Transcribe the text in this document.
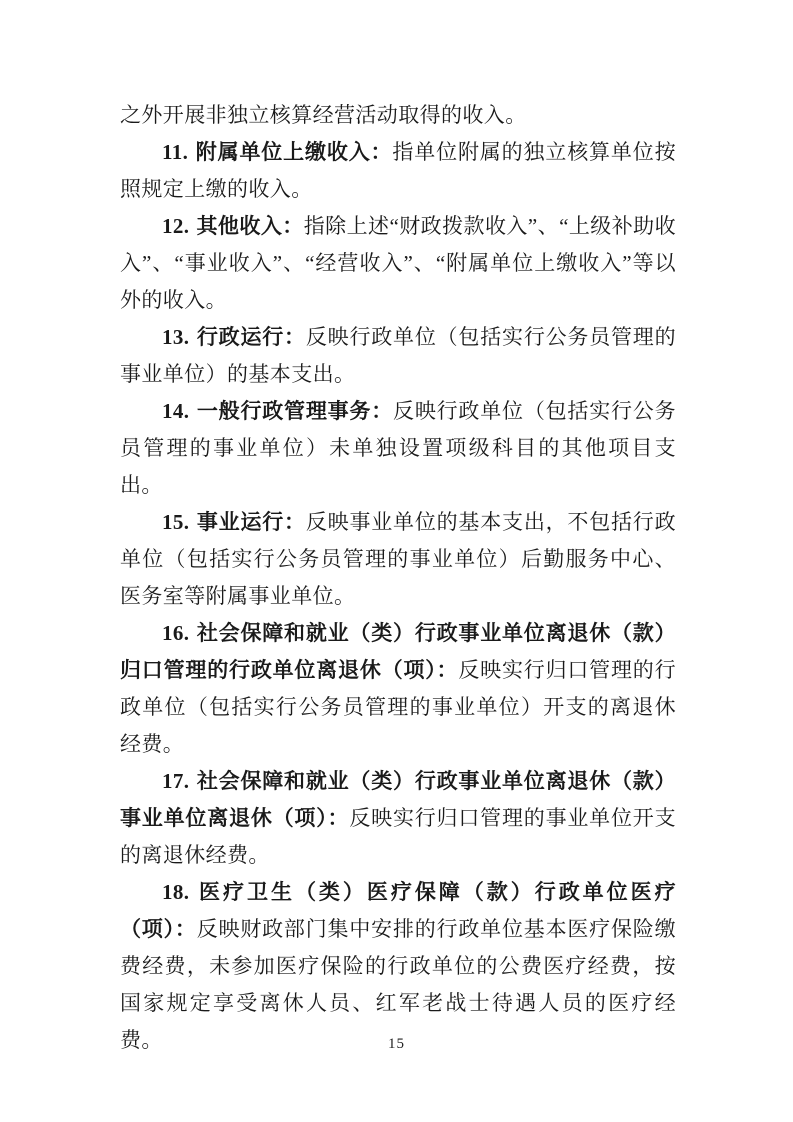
之外开展非独立核算经营活动取得的收入。

11. 附属单位上缴收入：指单位附属的独立核算单位按照规定上缴的收入。

12. 其他收入：指除上述“财政拨款收入”、“上级补助收入”、“事业收入”、“经营收入”、“附属单位上缴收入”等以外的收入。

13. 行政运行：反映行政单位（包括实行公务员管理的事业单位）的基本支出。

14. 一般行政管理事务：反映行政单位（包括实行公务员管理的事业单位）未单独设置项级科目的其他项目支出。

15. 事业运行：反映事业单位的基本支出，不包括行政单位（包括实行公务员管理的事业单位）后勤服务中心、医务室等附属事业单位。

16. 社会保障和就业（类）行政事业单位离退休（款）归口管理的行政单位离退休（项）：反映实行归口管理的行政单位（包括实行公务员管理的事业单位）开支的离退休经费。

17. 社会保障和就业（类）行政事业单位离退休（款）事业单位离退休（项）：反映实行归口管理的事业单位开支的离退休经费。

18. 医疗卫生（类）医疗保障（款）行政单位医疗（项）：反映财政部门集中安排的行政单位基本医疗保险缴费经费，未参加医疗保险的行政单位的公费医疗经费，按国家规定享受离休人员、红军老战士待遇人员的医疗经费。	15
